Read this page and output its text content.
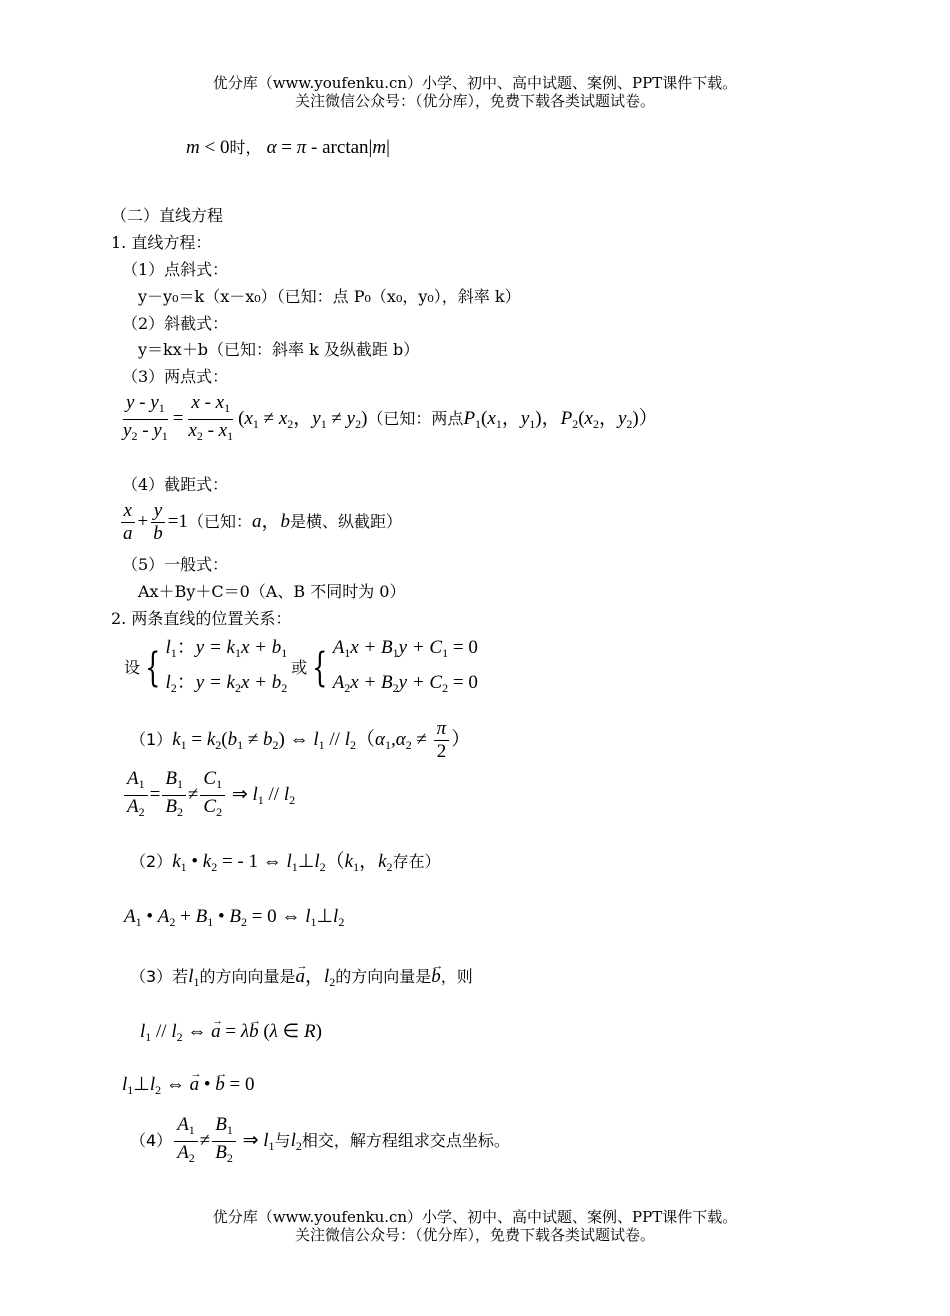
优分库（www.youfenku.cn）小学、初中、高中试题、案例、PPT课件下载。
关注微信公众号：（优分库），免费下载各类试题试卷。
m < 0时， α = π - arctan|m|
（二）直线方程
1. 直线方程：
（1）点斜式：
y－y₀＝k（x－x₀）（已知：点 P₀（x₀，y₀），斜率 k）
（2）斜截式：
y＝kx＋b（已知：斜率 k 及纵截距 b）
（3）两点式：
$\frac{y - y_1}{y_2 - y_1} = \frac{x - x_1}{x_2 - x_1} (x_1 \ne x_2$，$y_1 \ne y_2$)（已知：两点$P_1(x_1$，$y_1$)，$P_2(x_2$，$y_2$)）
（4）截距式：
$\frac{x}{a} + \frac{y}{b} =1$（已知：a，b是横、纵截距）
（5）一般式：
Ax＋By＋C＝0（A、B 不同时为 0）
2. 两条直线的位置关系：
设 { $l_1$：$y = k_1x + b_1$
$l_2$：$y = k_2x + b_2$
或 { $A_1x + B_1y + C_1 = 0$
$A_2x + B_2y + C_2 = 0$
$(1)k_1 = k_2(b_1 \ne b_2)$ ⇔ $l_1 // l_2(\alpha_1,\alpha_2 \ne \frac{\pi}{2}$ ）
$\frac{A_1}{A_2} = \frac{B_1}{B_2} \ne \frac{C_1}{C_2}$ ⇒ $l_1 // l_2$
$(2)k_1$ • $k_2$ = - 1 ⇔ $l_1\perp l_2(k_1$，$k_2$存在）
$A_1$ • $A_2 + B_1$ • $B_2 = 0$ ⇔ $l_1\perp l_2$
（3）若$l_1$的方向向量是→ a，$l_2$的方向向量是→ b，则
$l_1 // l_2$ ⇔ → a = λ→ b (λ ∈ R)
$l_1\perp l_2$ ⇔ → a • → b = 0
$(4) \frac{A_1}{A_2} \ne \frac{B_1}{B_2}$ ⇒ $l_1$与$l_2$相交，解方程组求交点坐标。
优分库（www.youfenku.cn）小学、初中、高中试题、案例、PPT课件下载。
关注微信公众号：（优分库），免费下载各类试题试卷。
